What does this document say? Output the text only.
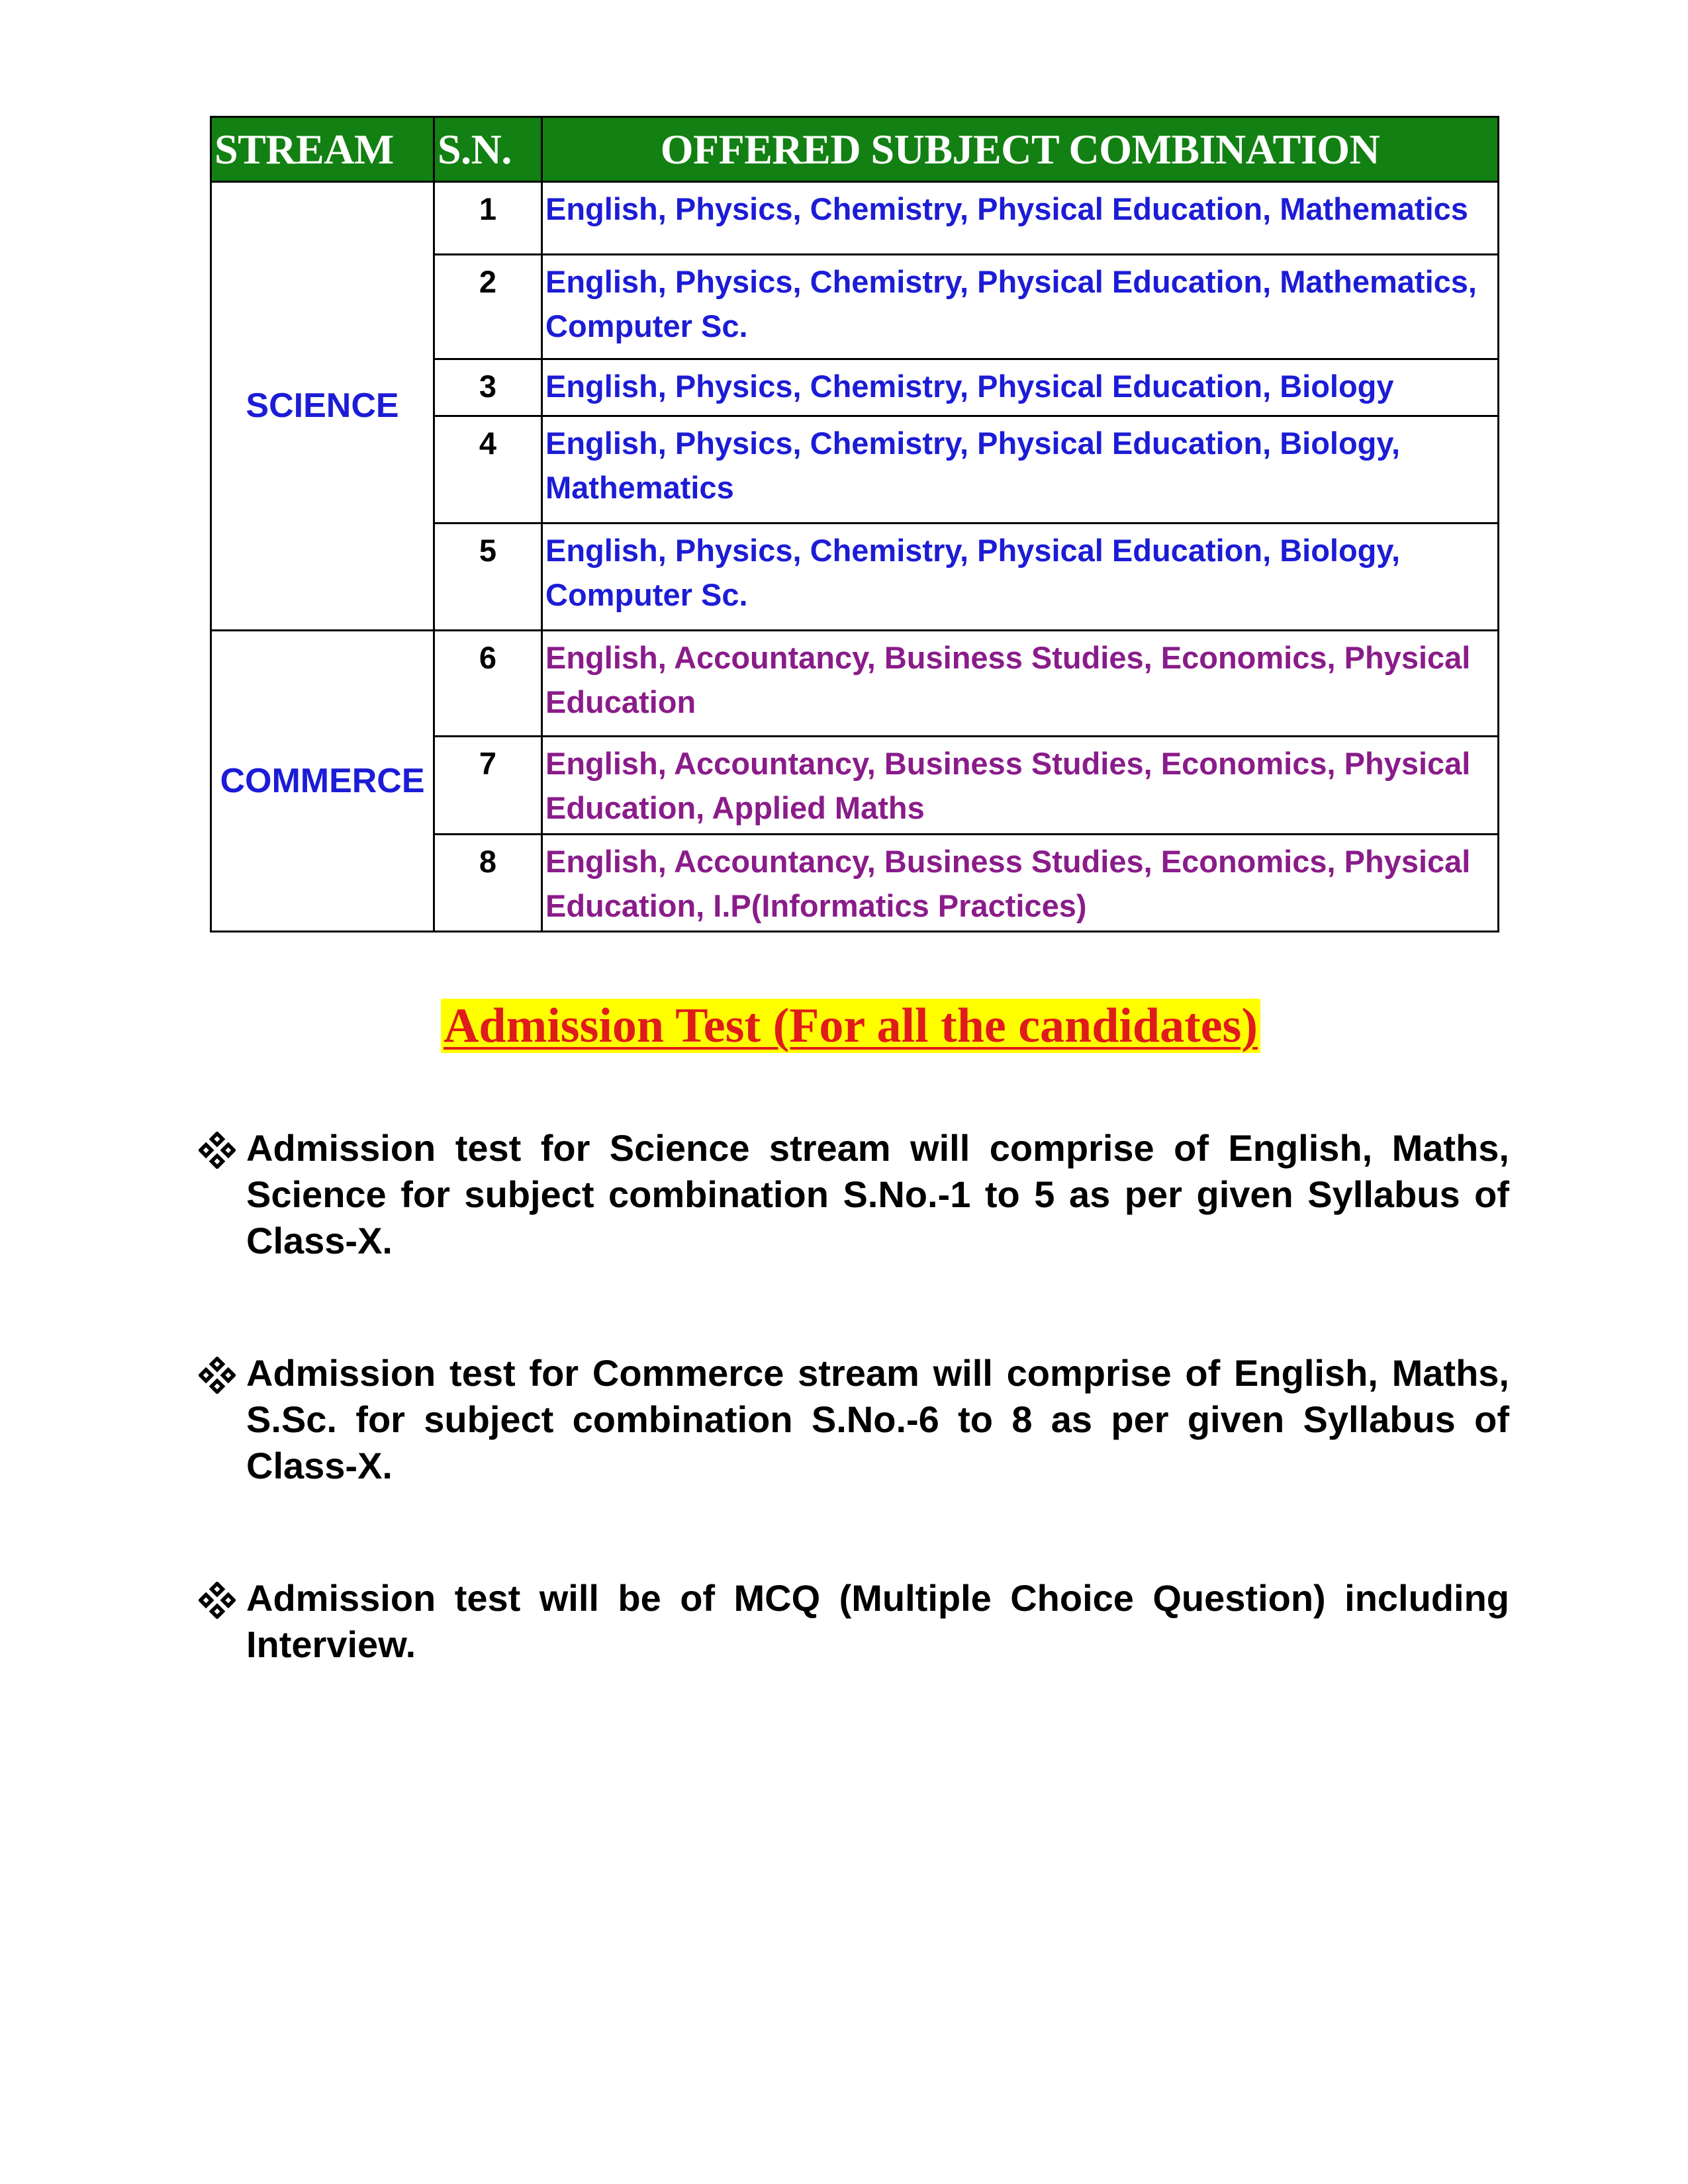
STREAM	S.N.	OFFERED SUBJECT COMBINATION
SCIENCE	1	English, Physics, Chemistry, Physical Education, Mathematics
	2	English, Physics, Chemistry, Physical Education, Mathematics, Computer Sc.
	3	English, Physics, Chemistry, Physical Education, Biology
	4	English, Physics, Chemistry, Physical Education, Biology, Mathematics
	5	English, Physics, Chemistry, Physical Education, Biology, Computer Sc.
COMMERCE	6	English, Accountancy, Business Studies, Economics, Physical Education
	7	English, Accountancy, Business Studies, Economics, Physical Education, Applied Maths
	8	English, Accountancy, Business Studies, Economics, Physical Education, I.P(Informatics Practices)
Admission Test (For all the candidates)
Admission test for Science stream will comprise of English, Maths, Science for subject combination S.No.-1 to 5 as per given Syllabus of Class-X.
Admission test for Commerce stream will comprise of English, Maths, S.Sc. for subject combination S.No.-6 to 8 as per given Syllabus of Class-X.
Admission test will be of MCQ (Multiple Choice Question) including Interview.
